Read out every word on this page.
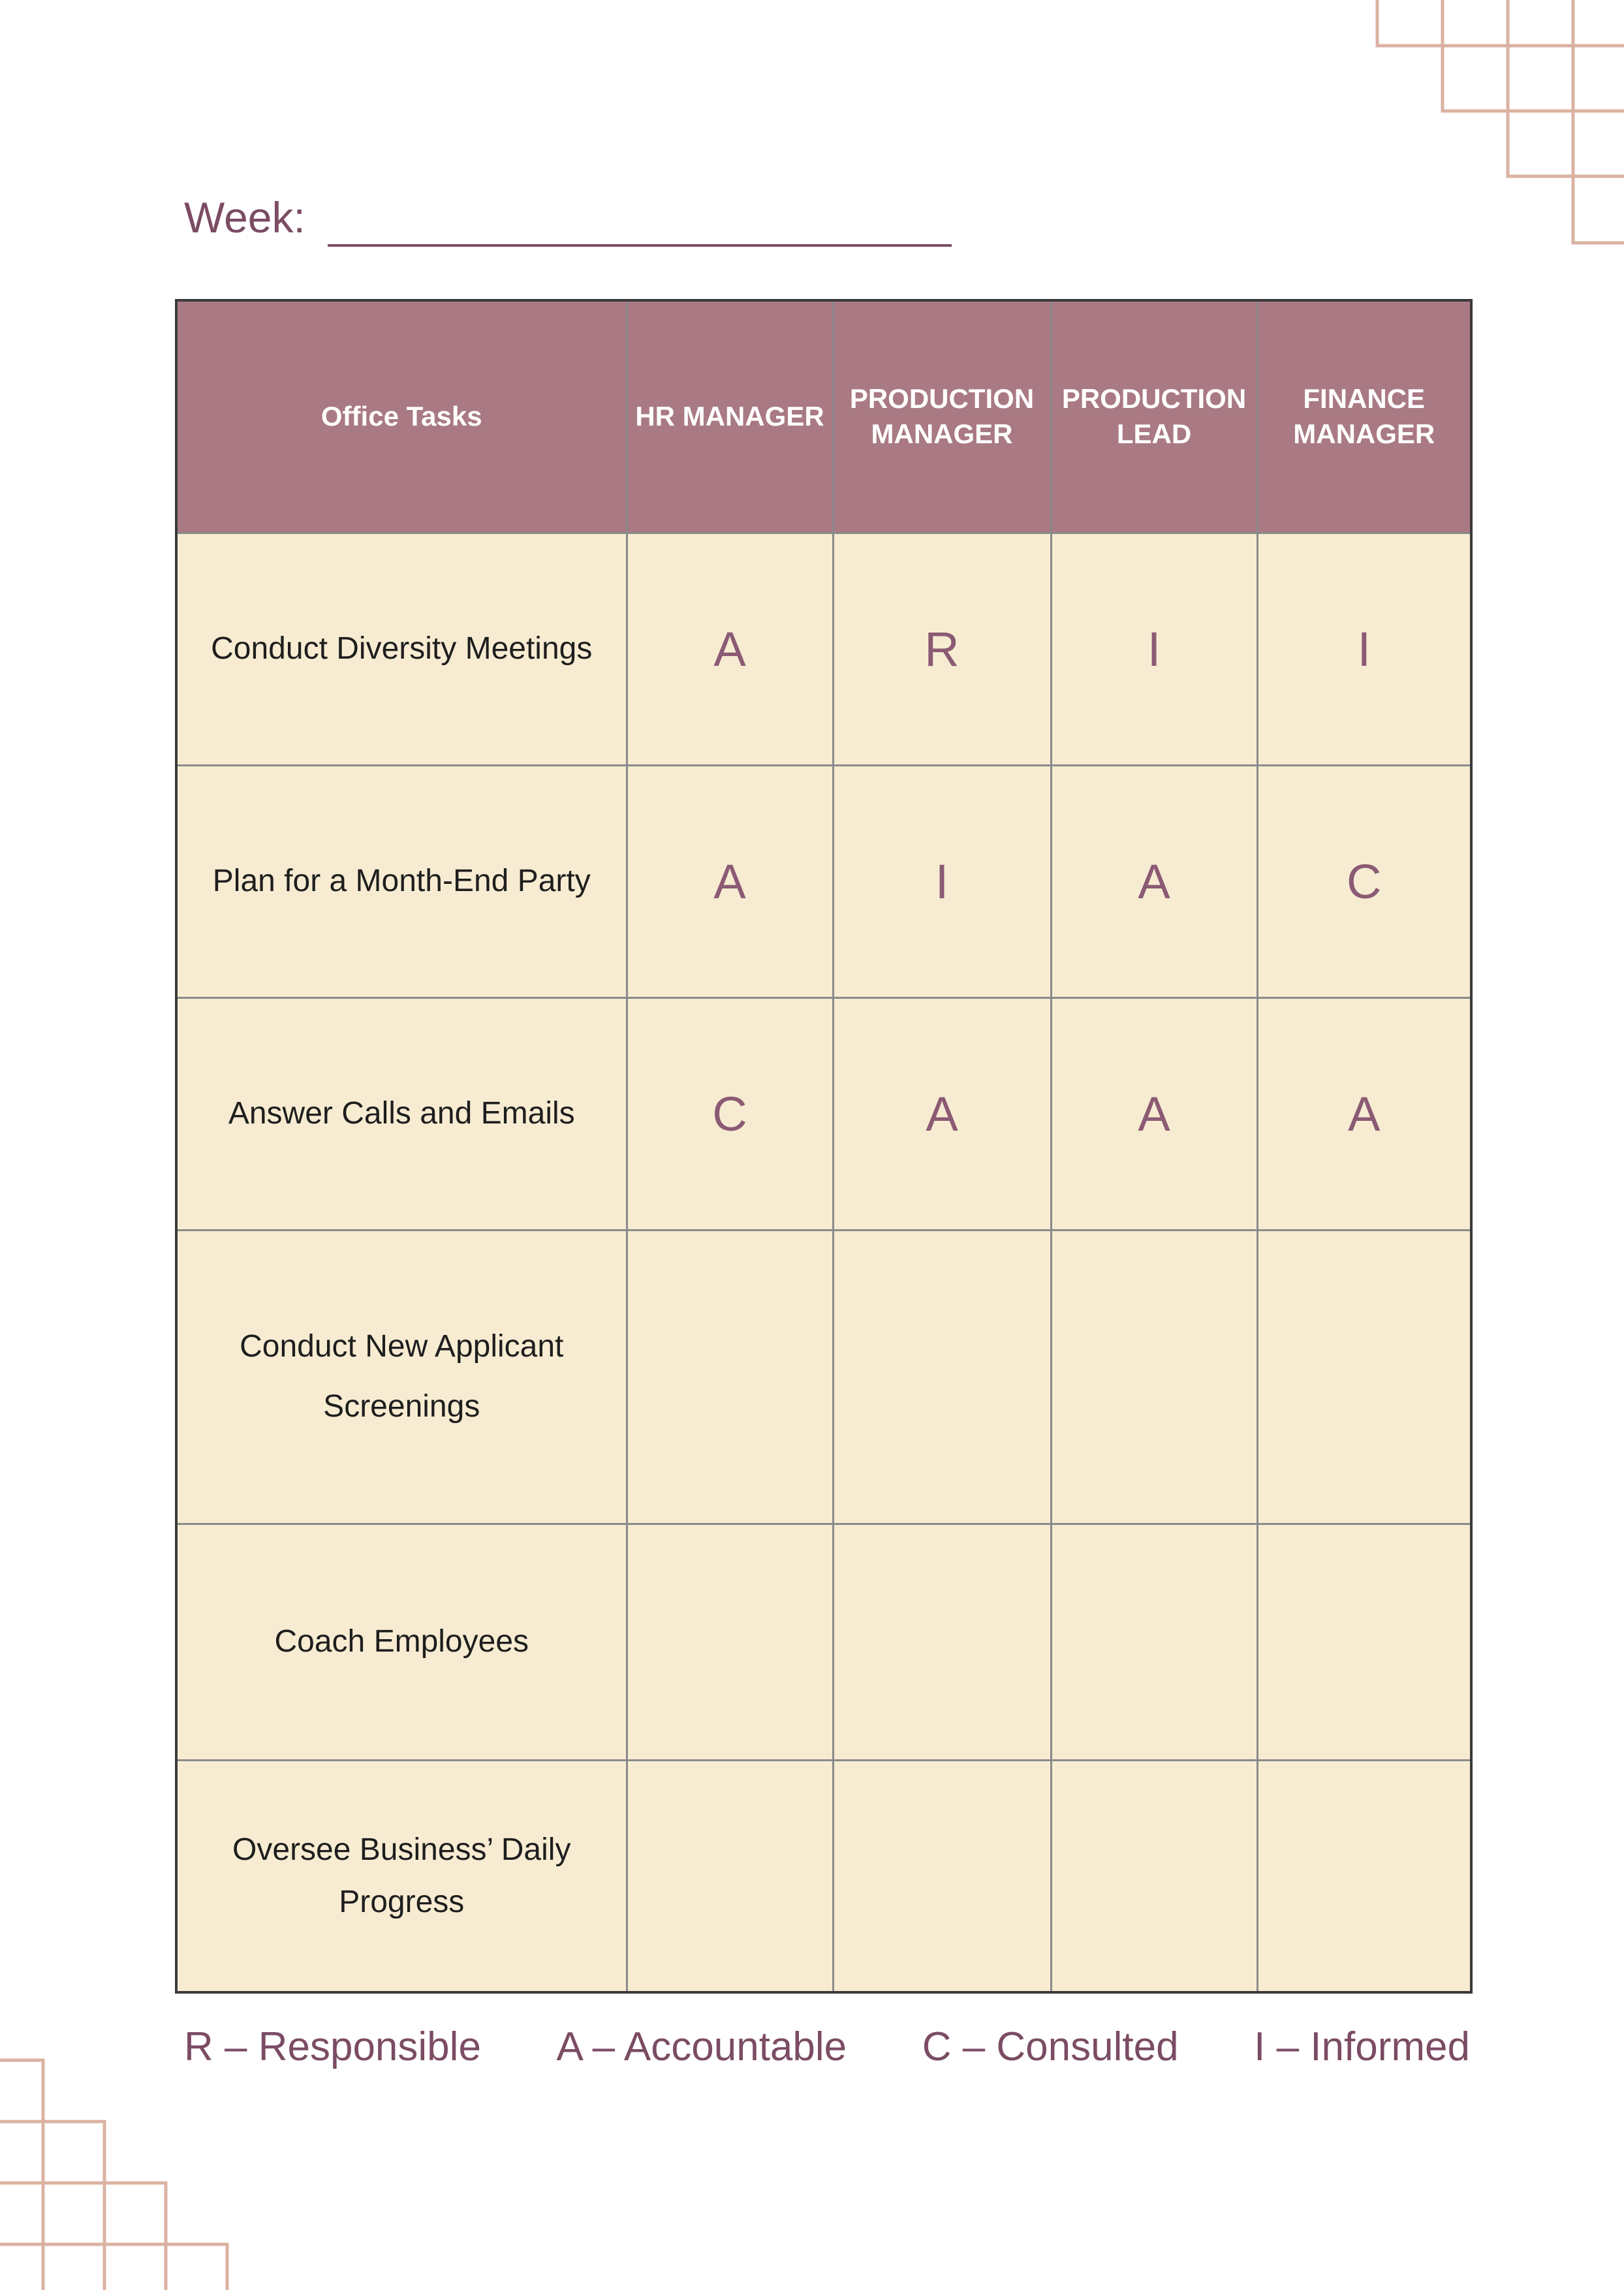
Week:
Office Tasks	HR MANAGER	PRODUCTION MANAGER	PRODUCTION LEAD	FINANCE MANAGER
Conduct Diversity Meetings	A	R	I	I
Plan for a Month-End Party	A	I	A	C
Answer Calls and Emails	C	A	A	A
Conduct New Applicant Screenings				
Coach Employees				
Oversee Business’ Daily Progress				
R – Responsible A – Accountable C – Consulted I – Informed
